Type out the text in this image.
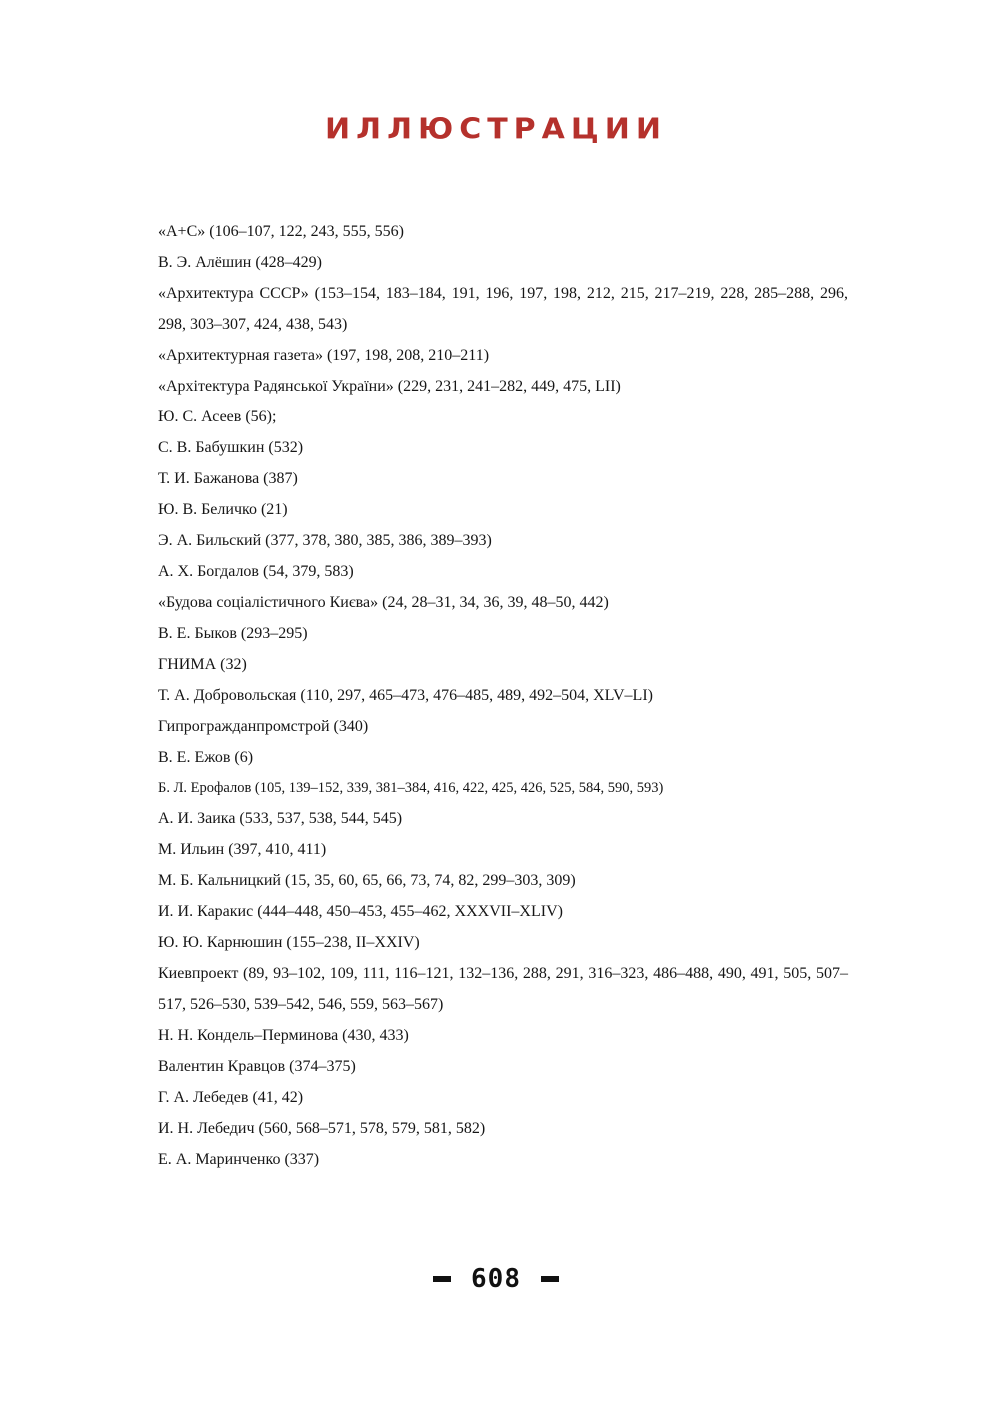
ИЛЛЮСТРАЦИИ

«А+С» (106–107, 122, 243, 555, 556)

В. Э. Алёшин (428–429)

«Архитектура СССР» (153–154, 183–184, 191, 196, 197, 198, 212, 215, 217–219, 228, 285–288, 296, 298, 303–307, 424, 438, 543)

«Архитектурная газета» (197, 198, 208, 210–211)

«Архітектура Радянської України» (229, 231, 241–282, 449, 475, LII)

Ю. С. Асеев (56);

С. В. Бабушкин (532)

Т. И. Бажанова (387)

Ю. В. Беличко (21)

Э. А. Бильский (377, 378, 380, 385, 386, 389–393)

А. Х. Богдалов (54, 379, 583)

«Будова соціалістичного Києва» (24, 28–31, 34, 36, 39, 48–50, 442)

В. Е. Быков (293–295)

ГНИМА (32)

Т. А. Добровольская (110, 297, 465–473, 476–485, 489, 492–504, XLV–LI)

Гипрогражданпромстрой (340)

В. Е. Ежов (6)

Б. Л. Ерофалов (105, 139–152, 339, 381–384, 416, 422, 425, 426, 525, 584, 590, 593)

А. И. Заика (533, 537, 538, 544, 545)

М. Ильин (397, 410, 411)

М. Б. Кальницкий (15, 35, 60, 65, 66, 73, 74, 82, 299–303, 309)

И. И. Каракис (444–448, 450–453, 455–462, XXXVII–XLIV)

Ю. Ю. Карнюшин (155–238, II–XXIV)

Киевпроект (89, 93–102, 109, 111, 116–121, 132–136, 288, 291, 316–323, 486–488, 490, 491, 505, 507–517, 526–530, 539–542, 546, 559, 563–567)

Н. Н. Кондель–Перминова (430, 433)

Валентин Кравцов (374–375)

Г. А. Лебедев (41, 42)

И. Н. Лебедич (560, 568–571, 578, 579, 581, 582)

Е. А. Маринченко (337)

608
